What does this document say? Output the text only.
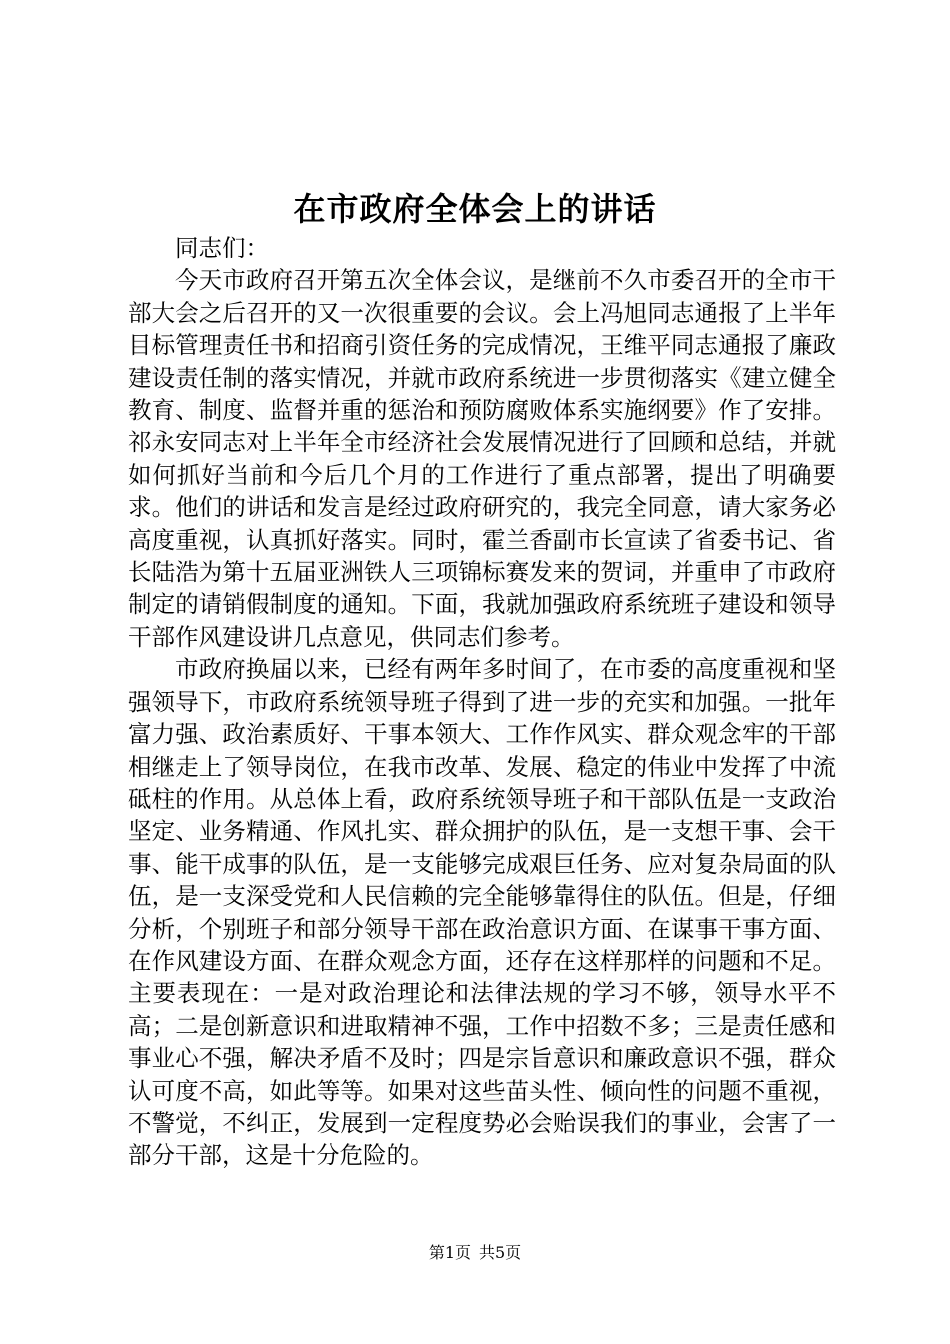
在市政府全体会上的讲话

同志们：

今天市政府召开第五次全体会议，是继前不久市委召开的全市干部大会之后召开的又一次很重要的会议。会上冯旭同志通报了上半年目标管理责任书和招商引资任务的完成情况，王维平同志通报了廉政建设责任制的落实情况，并就市政府系统进一步贯彻落实《建立健全教育、制度、监督并重的惩治和预防腐败体系实施纲要》作了安排。祁永安同志对上半年全市经济社会发展情况进行了回顾和总结，并就如何抓好当前和今后几个月的工作进行了重点部署，提出了明确要求。他们的讲话和发言是经过政府研究的，我完全同意，请大家务必高度重视，认真抓好落实。同时，霍兰香副市长宣读了省委书记、省长陆浩为第十五届亚洲铁人三项锦标赛发来的贺词，并重申了市政府制定的请销假制度的通知。下面，我就加强政府系统班子建设和领导干部作风建设讲几点意见，供同志们参考。

市政府换届以来，已经有两年多时间了，在市委的高度重视和坚强领导下，市政府系统领导班子得到了进一步的充实和加强。一批年富力强、政治素质好、干事本领大、工作作风实、群众观念牢的干部相继走上了领导岗位，在我市改革、发展、稳定的伟业中发挥了中流砥柱的作用。从总体上看，政府系统领导班子和干部队伍是一支政治坚定、业务精通、作风扎实、群众拥护的队伍，是一支想干事、会干事、能干成事的队伍，是一支能够完成艰巨任务、应对复杂局面的队伍，是一支深受党和人民信赖的完全能够靠得住的队伍。但是，仔细分析，个别班子和部分领导干部在政治意识方面、在谋事干事方面、在作风建设方面、在群众观念方面，还存在这样那样的问题和不足。主要表现在：一是对政治理论和法律法规的学习不够，领导水平不高；二是创新意识和进取精神不强，工作中招数不多；三是责任感和事业心不强，解决矛盾不及时；四是宗旨意识和廉政意识不强，群众认可度不高，如此等等。如果对这些苗头性、倾向性的问题不重视，不警觉，不纠正，发展到一定程度势必会贻误我们的事业，会害了一部分干部，这是十分危险的。

第1页 共5页
